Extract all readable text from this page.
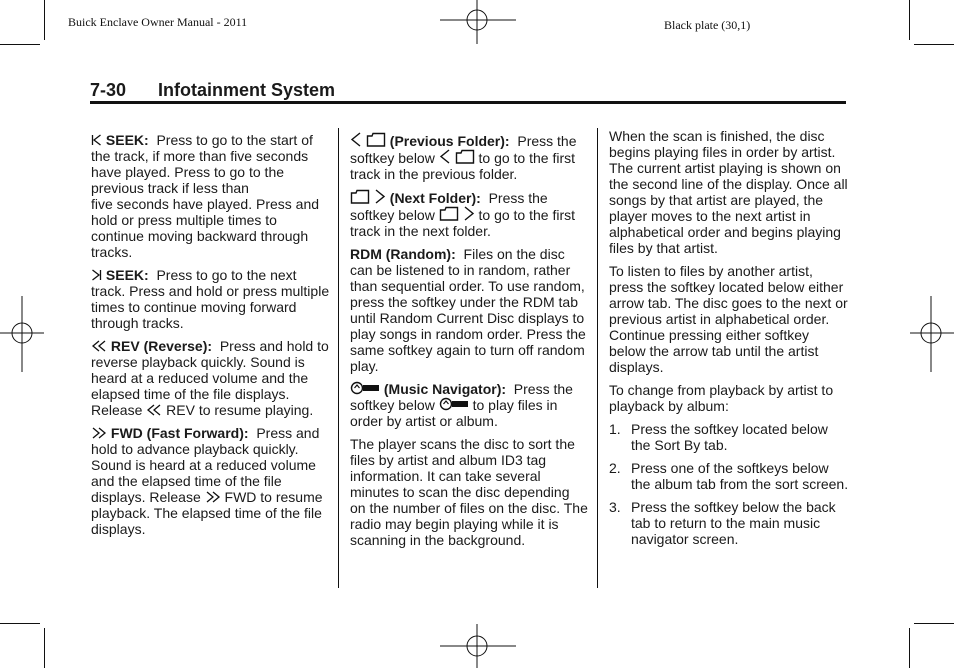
Buick Enclave Owner Manual - 2011	Black plate (30,1)
7-30 Infotainment System

SEEK: Press to go to the start of the track, if more than five seconds have played. Press to go to the previous track if less than
five seconds have played. Press and hold or press multiple times to continue moving backward through tracks.

SEEK: Press to go to the next track. Press and hold or press multiple times to continue moving forward through tracks.

REV (Reverse): Press and hold to reverse playback quickly. Sound is heard at a reduced volume and the elapsed time of the file displays. Release REV to resume playing.

FWD (Fast Forward): Press and hold to advance playback quickly. Sound is heard at a reduced volume and the elapsed time of the file displays. Release FWD to resume playback. The elapsed time of the file displays.

(Previous Folder): Press the softkey below	to go to the first track in the previous folder.

(Next Folder): Press the softkey below	to go to the first track in the next folder.

RDM (Random): Files on the disc can be listened to in random, rather than sequential order. To use random, press the softkey under the RDM tab until Random Current Disc displays to play songs in random order. Press the same softkey again to turn off random play.

(Music Navigator): Press the softkey below	to play files in order by artist or album.

The player scans the disc to sort the files by artist and album ID3 tag information. It can take several minutes to scan the disc depending on the number of files on the disc. The radio may begin playing while it is scanning in the background.

When the scan is finished, the disc begins playing files in order by artist. The current artist playing is shown on the second line of the display. Once all songs by that artist are played, the player moves to the next artist in alphabetical order and begins playing files by that artist.

To listen to files by another artist, press the softkey located below either arrow tab. The disc goes to the next or previous artist in alphabetical order. Continue pressing either softkey below the arrow tab until the artist displays.

To change from playback by artist to playback by album:

1. Press the softkey located below the Sort By tab.
2. Press one of the softkeys below the album tab from the sort screen.
3. Press the softkey below the back tab to return to the main music navigator screen.
